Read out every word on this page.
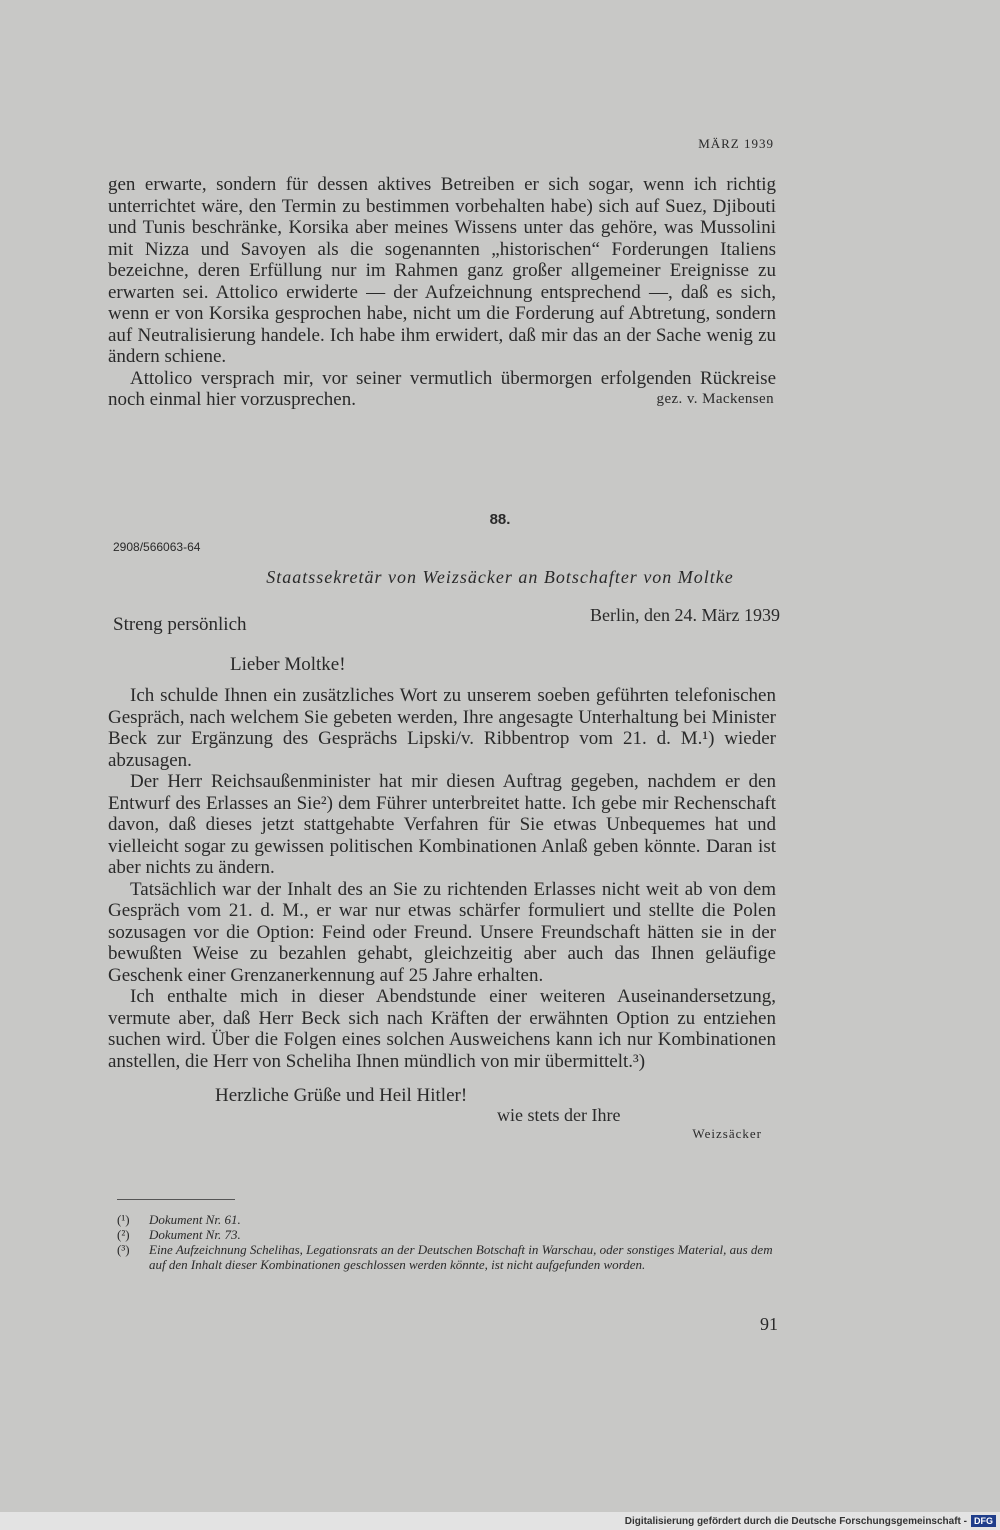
MÄRZ 1939

gen erwarte, sondern für dessen aktives Betreiben er sich sogar, wenn ich richtig unterrichtet wäre, den Termin zu bestimmen vorbehalten habe) sich auf Suez, Djibouti und Tunis beschränke, Korsika aber meines Wissens unter das gehöre, was Mussolini mit Nizza und Savoyen als die sogenannten „historischen“ Forderungen Italiens bezeichne, deren Erfüllung nur im Rahmen ganz großer allgemeiner Ereignisse zu erwarten sei. Attolico erwiderte — der Aufzeichnung entsprechend —, daß es sich, wenn er von Korsika gesprochen habe, nicht um die Forderung auf Abtretung, sondern auf Neutralisierung handele. Ich habe ihm erwidert, daß mir das an der Sache wenig zu ändern schiene.

Attolico versprach mir, vor seiner vermutlich übermorgen erfolgenden Rückreise noch einmal hier vorzusprechen.	gez. v. Mackensen
88.
2908/566063-64
Staatssekretär von Weizsäcker an Botschafter von Moltke
Streng persönlich	Berlin, den 24. März 1939
Lieber Moltke!

Ich schulde Ihnen ein zusätzliches Wort zu unserem soeben geführten telefonischen Gespräch, nach welchem Sie gebeten werden, Ihre angesagte Unterhaltung bei Minister Beck zur Ergänzung des Gesprächs Lipski/v. Ribbentrop vom 21. d. M.¹) wieder abzusagen.

Der Herr Reichsaußenminister hat mir diesen Auftrag gegeben, nachdem er den Entwurf des Erlasses an Sie²) dem Führer unterbreitet hatte. Ich gebe mir Rechenschaft davon, daß dieses jetzt stattgehabte Verfahren für Sie etwas Unbequemes hat und vielleicht sogar zu gewissen politischen Kombinationen Anlaß geben könnte. Daran ist aber nichts zu ändern.

Tatsächlich war der Inhalt des an Sie zu richtenden Erlasses nicht weit ab von dem Gespräch vom 21. d. M., er war nur etwas schärfer formuliert und stellte die Polen sozusagen vor die Option: Feind oder Freund. Unsere Freundschaft hätten sie in der bewußten Weise zu bezahlen gehabt, gleichzeitig aber auch das Ihnen geläufige Geschenk einer Grenzanerkennung auf 25 Jahre erhalten.

Ich enthalte mich in dieser Abendstunde einer weiteren Auseinandersetzung, vermute aber, daß Herr Beck sich nach Kräften der erwähnten Option zu entziehen suchen wird. Über die Folgen eines solchen Ausweichens kann ich nur Kombinationen anstellen, die Herr von Scheliha Ihnen mündlich von mir übermittelt.³)

Herzliche Grüße und Heil Hitler!
wie stets der Ihre
Weizsäcker
(¹)	Dokument Nr. 61.
(²)	Dokument Nr. 73.
(³)	Eine Aufzeichnung Schelihas, Legationsrats an der Deutschen Botschaft in Warschau, oder sonstiges Material, aus dem auf den Inhalt dieser Kombinationen geschlossen werden könnte, ist nicht aufgefunden worden.
91
Digitalisierung gefördert durch die Deutsche Forschungsgemeinschaft - DFG
